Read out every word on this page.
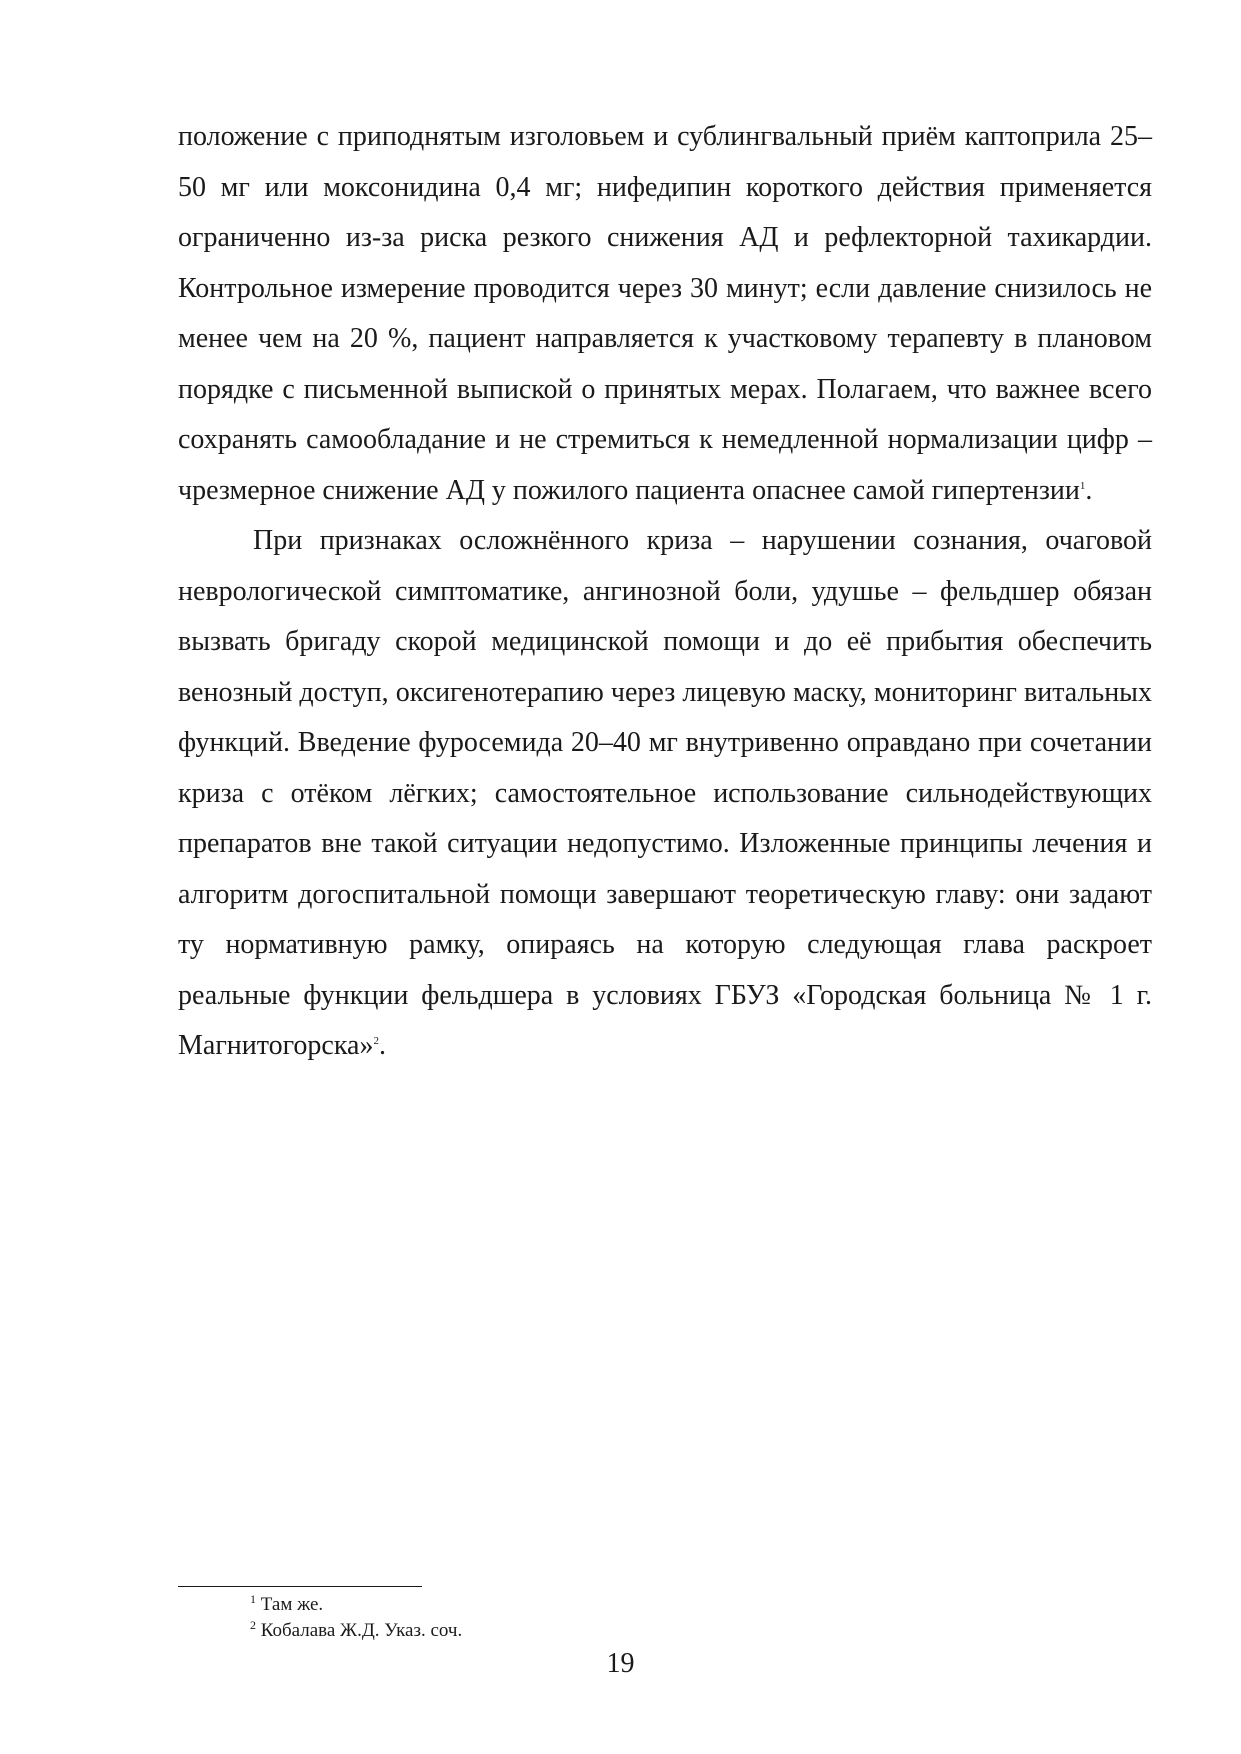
положение с приподнятым изголовьем и сублингвальный приём каптоприла 25–50 мг или моксонидина 0,4 мг; нифедипин короткого действия применяется ограниченно из-за риска резкого снижения АД и рефлекторной тахикардии. Контрольное измерение проводится через 30 минут; если давление снизилось не менее чем на 20 %, пациент направляется к участковому терапевту в плановом порядке с письменной выпиской о принятых мерах. Полагаем, что важнее всего сохранять самообладание и не стремиться к немедленной нормализации цифр – чрезмерное снижение АД у пожилого пациента опаснее самой гипертензии$^1$.

При признаках осложнённого криза – нарушении сознания, очаговой неврологической симптоматике, ангинозной боли, удушье – фельдшер обязан вызвать бригаду скорой медицинской помощи и до её прибытия обеспечить венозный доступ, оксигенотерапию через лицевую маску, мониторинг витальных функций. Введение фуросемида 20–40 мг внутривенно оправдано при сочетании криза с отёком лёгких; самостоятельное использование сильнодействующих препаратов вне такой ситуации недопустимо. Изложенные принципы лечения и алгоритм догоспитальной помощи завершают теоретическую главу: они задают ту нормативную рамку, опираясь на которую следующая глава раскроет реальные функции фельдшера в условиях ГБУЗ «Городская больница № 1 г. Магнитогорска»$^2$.

$^1$ Там же.

$^2$ Кобалава Ж.Д. Указ. соч.

19
